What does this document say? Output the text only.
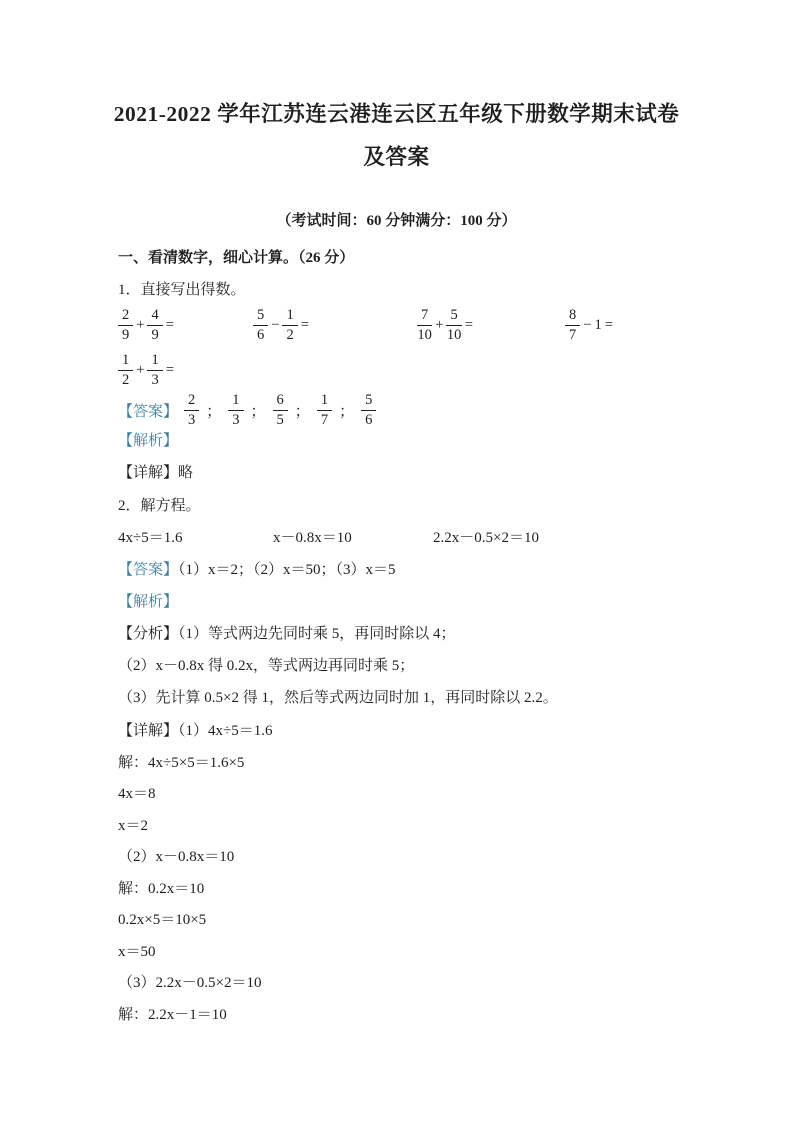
2021-2022 学年江苏连云港连云区五年级下册数学期末试卷
及答案
（考试时间：60 分钟满分：100 分）
一、看清数字，细心计算。（26 分）
1．直接写出得数。
$\frac{2}{9} + \frac{4}{9}$ =	$\frac{5}{6} - \frac{1}{2}$ =	$\frac{7}{10} + \frac{5}{10}$ =	$\frac{8}{7} - 1$ =
$\frac{1}{2} + \frac{1}{3}$ =
【答案】 $\frac{2}{3}$ ； $\frac{1}{3}$ ； $\frac{6}{5}$ ； $\frac{1}{7}$ ； $\frac{5}{6}$
【解析】
【详解】略
2．解方程。
4x÷5＝1.6	x－0.8x＝10	2.2x－0.5×2＝10
【答案】（1）x＝2；（2）x＝50；（3）x＝5
【解析】
【分析】（1）等式两边先同时乘 5，再同时除以 4；
（2）x－0.8x 得 0.2x，等式两边再同时乘 5；
（3）先计算 0.5×2 得 1，然后等式两边同时加 1，再同时除以 2.2。
【详解】（1）4x÷5＝1.6
解：4x÷5×5＝1.6×5
4x＝8
x＝2
（2）x－0.8x＝10
解：0.2x＝10
0.2x×5＝10×5
x＝50
（3）2.2x－0.5×2＝10
解：2.2x－1＝10
